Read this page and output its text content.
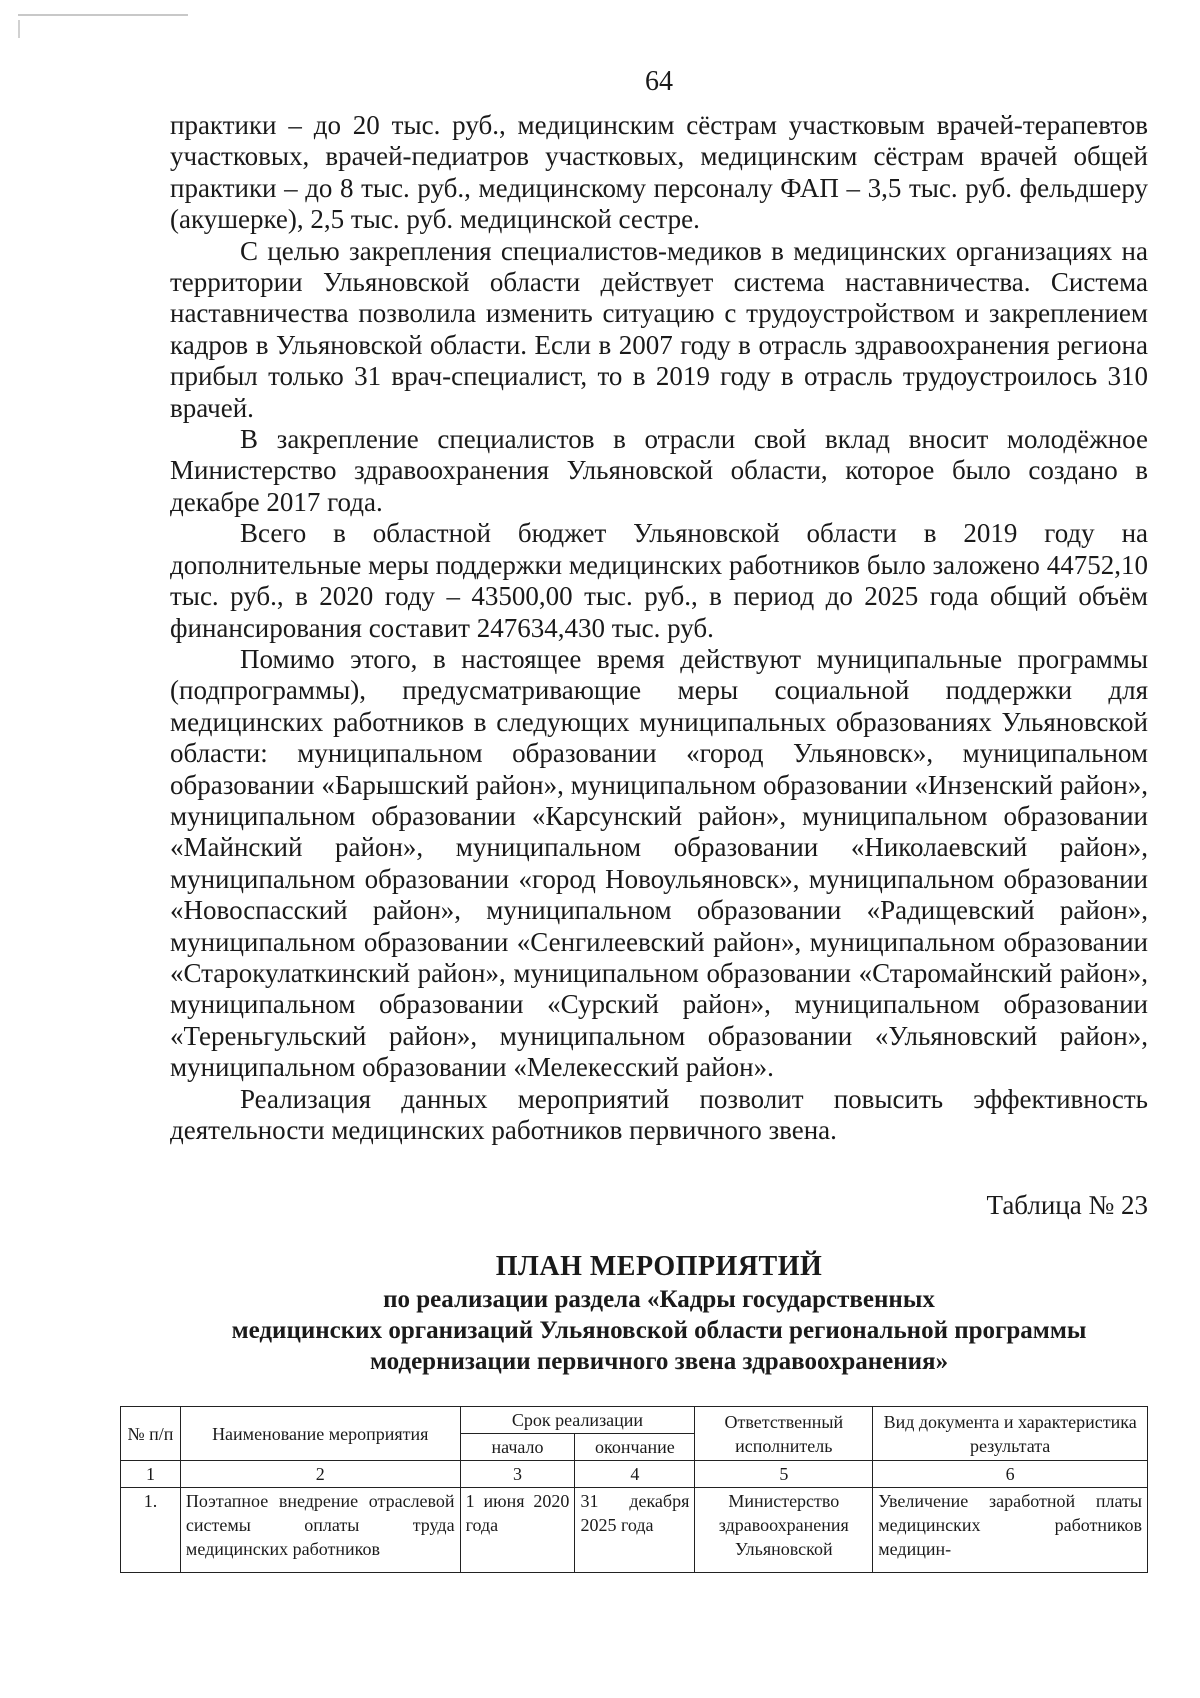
64

практики – до 20 тыс. руб., медицинским сёстрам участковым врачей-терапевтов участковых, врачей-педиатров участковых, медицинским сёстрам врачей общей практики – до 8 тыс. руб., медицинскому персоналу ФАП – 3,5 тыс. руб. фельдшеру (акушерке), 2,5 тыс. руб. медицинской сестре.

С целью закрепления специалистов-медиков в медицинских организациях на территории Ульяновской области действует система наставничества. Система наставничества позволила изменить ситуацию с трудоустройством и закреплением кадров в Ульяновской области. Если в 2007 году в отрасль здравоохранения региона прибыл только 31 врач-специалист, то в 2019 году в отрасль трудоустроилось 310 врачей.

В закрепление специалистов в отрасли свой вклад вносит молодёжное Министерство здравоохранения Ульяновской области, которое было создано в декабре 2017 года.

Всего в областной бюджет Ульяновской области в 2019 году на дополнительные меры поддержки медицинских работников было заложено 44752,10 тыс. руб., в 2020 году – 43500,00 тыс. руб., в период до 2025 года общий объём финансирования составит 247634,430 тыс. руб.

Помимо этого, в настоящее время действуют муниципальные программы (подпрограммы), предусматривающие меры социальной поддержки для медицинских работников в следующих муниципальных образованиях Ульяновской области: муниципальном образовании «город Ульяновск», муниципальном образовании «Барышский район», муниципальном образовании «Инзенский район», муниципальном образовании «Карсунский район», муниципальном образовании «Майнский район», муниципальном образовании «Николаевский район», муниципальном образовании «город Новоульяновск», муниципальном образовании «Новоспасский район», муниципальном образовании «Радищевский район», муниципальном образовании «Сенгилеевский район», муниципальном образовании «Старокулаткинский район», муниципальном образовании «Старомайнский район», муниципальном образовании «Сурский район», муниципальном образовании «Тереньгульский район», муниципальном образовании «Ульяновский район», муниципальном образовании «Мелекесский район».

Реализация данных мероприятий позволит повысить эффективность деятельности медицинских работников первичного звена.

Таблица № 23
ПЛАН МЕРОПРИЯТИЙ
по реализации раздела «Кадры государственных
медицинских организаций Ульяновской области региональной программы
модернизации первичного звена здравоохранения»
№ п/п	Наименование мероприятия	Срок реализации		Ответственный исполнитель	Вид документа и характеристика результата
		начало	окончание		
1	2	3	4	5	6
1.	Поэтапное внедрение отраслевой системы оплаты труда медицинских работников	1 июня 2020 года	31 декабря 2025 года	Министерство здравоохранения Ульяновской	Увеличение заработной платы медицинских работников медицин-
